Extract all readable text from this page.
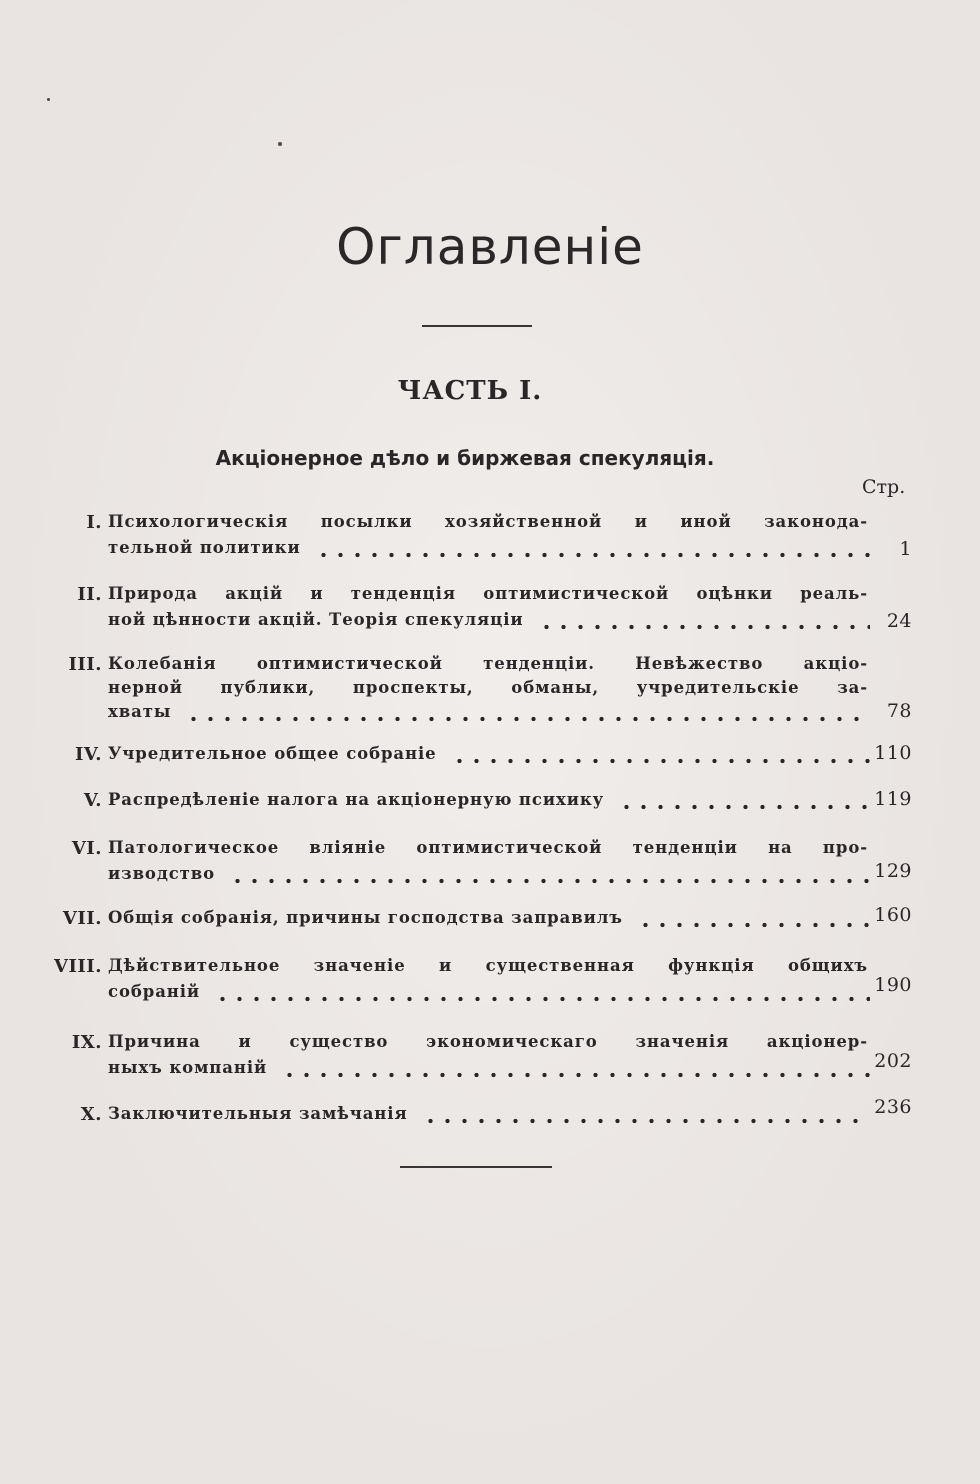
Оглавленіе
ЧАСТЬ I.
Акціонерное дѣло и биржевая спекуляція.
Стр.
I. Психологическія посылки хозяйственной и иной законода-
тельной политики	1
II. Природа акцій и тенденція оптимистической оцѣнки реаль-
ной цѣнности акцій. Теорія спекуляціи	24
III. Колебанія оптимистической тенденціи. Невѣжество акціо-
нерной публики, проспекты, обманы, учредительскіе за-
хваты	78
IV. Учредительное общее собраніе	110
V. Распредѣленіе налога на акціонерную психику	119
VI. Патологическое вліяніе оптимистической тенденціи на про-
изводство	129
VII. Общія собранія, причины господства заправилъ	160
VIII. Дѣйствительное значеніе и существенная функція общихъ
собраній	190
IX. Причина и существо экономическаго значенія акціонер-
ныхъ компаній	202
X. Заключительныя замѣчанія	236
